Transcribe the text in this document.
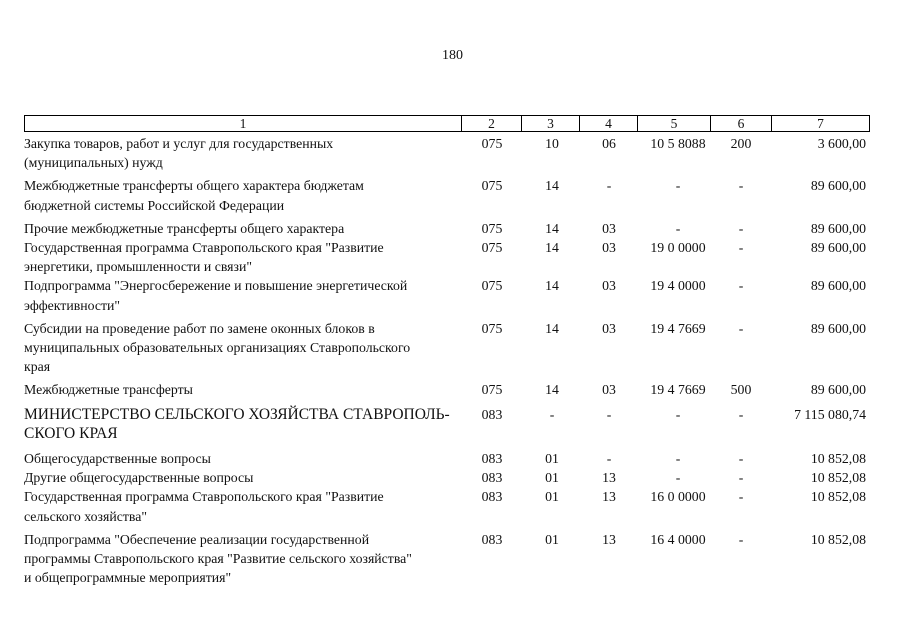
180
1	2	3	4	5	6	7
Закупка товаров, работ и услуг для государственных
(муниципальных) нужд
075	10	06	10 5 8088	200	3 600,00
Межбюджетные трансферты общего характера бюджетам
бюджетной системы Российской Федерации
075	14	-	-	-	89 600,00
Прочие межбюджетные трансферты общего характера	075	14	03	-	-	89 600,00
Государственная программа Ставропольского края "Развитие
энергетики, промышленности и связи"
075	14	03	19 0 0000	-	89 600,00
Подпрограмма "Энергосбережение и повышение энергетической
эффективности"
075	14	03	19 4 0000	-	89 600,00
Субсидии на проведение работ по замене оконных блоков в
муниципальных образовательных организациях Ставропольского
края
075	14	03	19 4 7669	-	89 600,00
Межбюджетные трансферты	075	14	03	19 4 7669	500	89 600,00
МИНИСТЕРСТВО СЕЛЬСКОГО ХОЗЯЙСТВА СТАВРОПОЛЬ-
СКОГО КРАЯ
083	-	-	-	-	7 115 080,74
Общегосударственные вопросы	083	01	-	-	-	10 852,08
Другие общегосударственные вопросы	083	01	13	-	-	10 852,08
Государственная программа Ставропольского края "Развитие
сельского хозяйства"
083	01	13	16 0 0000	-	10 852,08
Подпрограмма "Обеспечение реализации государственной
программы Ставропольского края "Развитие сельского хозяйства"
и общепрограммные мероприятия"
083	01	13	16 4 0000	-	10 852,08
